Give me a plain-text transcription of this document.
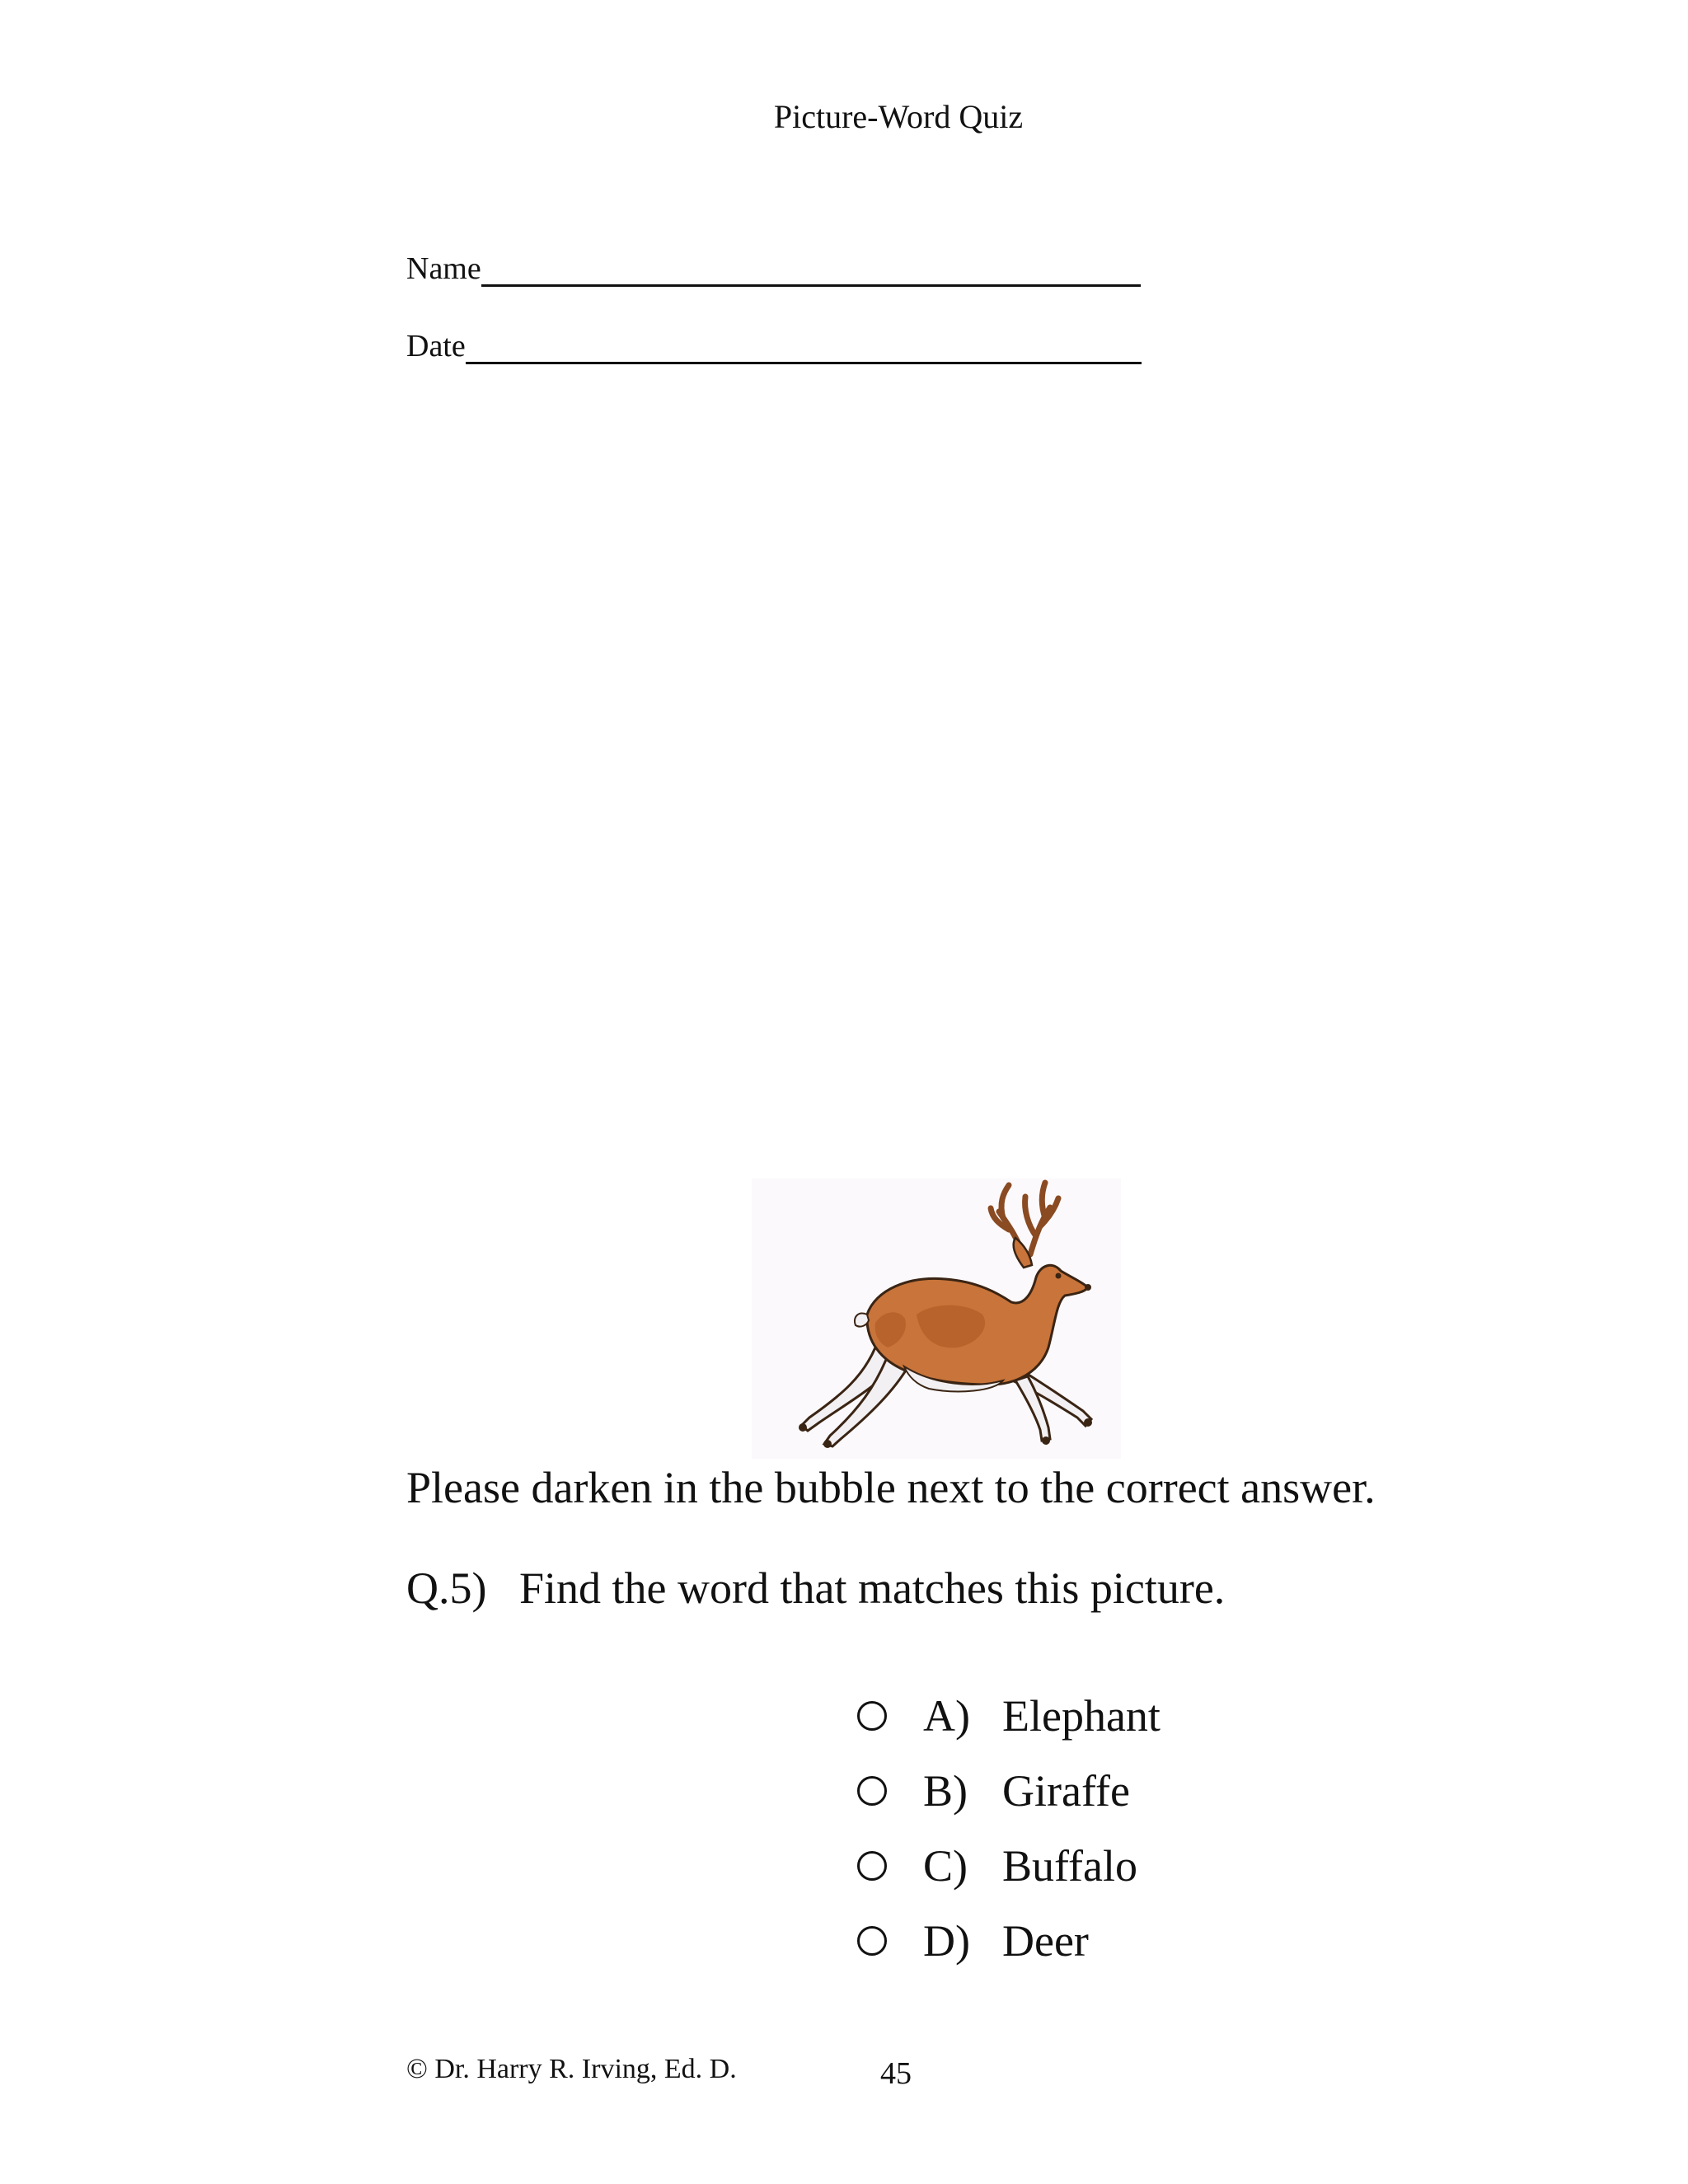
Picture-Word Quiz
Name
Date
Please darken in the bubble next to the correct answer.
Q.5) Find the word that matches this picture.
A) Elephant
B) Giraffe
C) Buffalo
D) Deer
© Dr. Harry R. Irving, Ed. D.	45
